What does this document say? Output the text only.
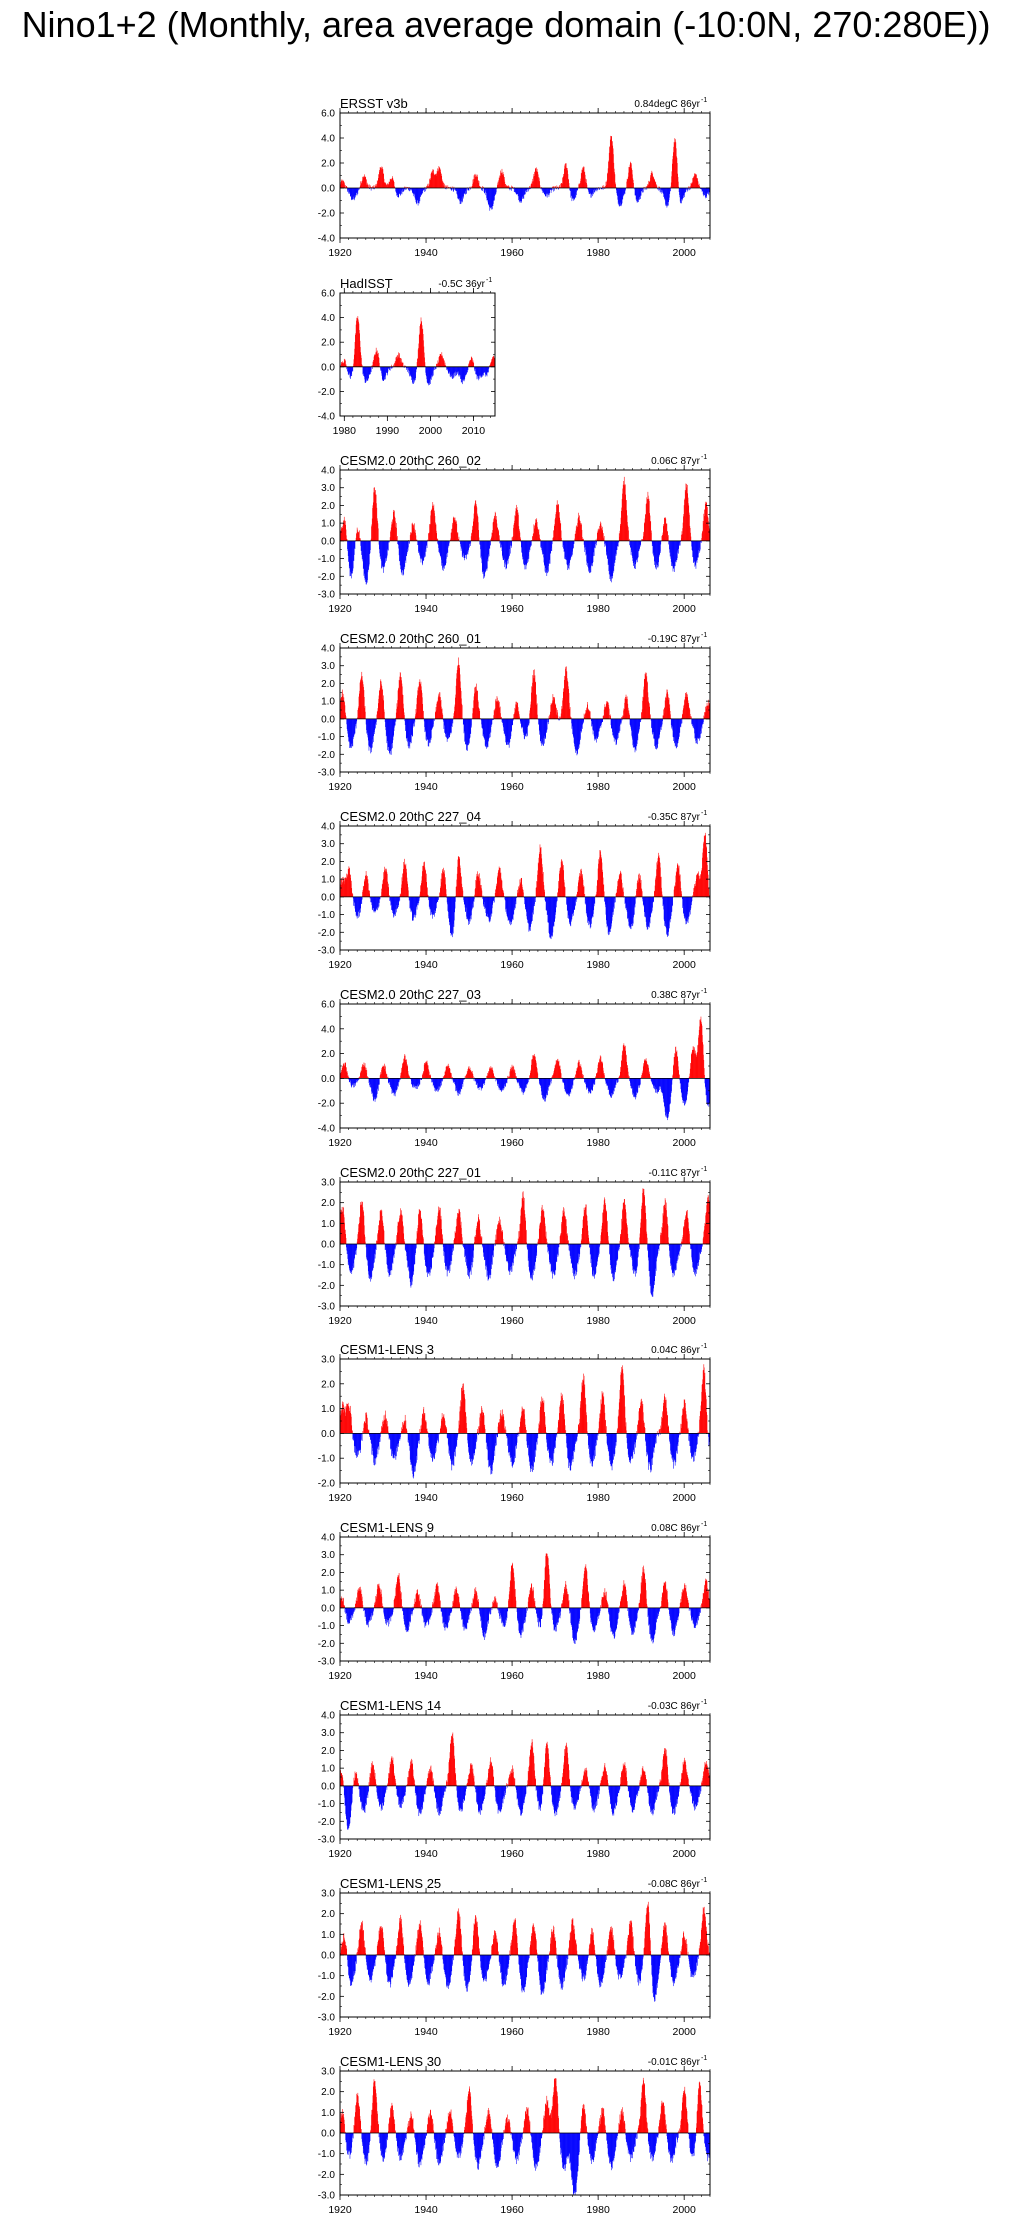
Nino1+2 (Monthly, area average domain (-10:0N, 270:280E))
-4.0
-2.0
0.0
2.0
4.0
6.0
1920	1940	1960	1980	2000
ERSST v3b	0.84degC 86yr -1
-4.0
-2.0
0.0
2.0
4.0
6.0
1980 1990 2000 2010
HadISST	-0.5C 36yr -1
-3.0
-2.0
-1.0
0.0
1.0
2.0
3.0
4.0
1920	1940	1960	1980	2000
CESM2.0 20thC 260_02	0.06C 87yr -1
-3.0
-2.0
-1.0
0.0
1.0
2.0
3.0
4.0
1920	1940	1960	1980	2000
CESM2.0 20thC 260_01	-0.19C 87yr -1
-3.0
-2.0
-1.0
0.0
1.0
2.0
3.0
4.0
1920	1940	1960	1980	2000
CESM2.0 20thC 227_04	-0.35C 87yr -1
-4.0
-2.0
0.0
2.0
4.0
6.0
1920	1940	1960	1980	2000
CESM2.0 20thC 227_03	0.38C 87yr -1
-3.0
-2.0
-1.0
0.0
1.0
2.0
3.0
1920	1940	1960	1980	2000
CESM2.0 20thC 227_01	-0.11C 87yr -1
-2.0
-1.0
0.0
1.0
2.0
3.0
1920	1940	1960	1980	2000
CESM1-LENS 3	0.04C 86yr -1
-3.0
-2.0
-1.0
0.0
1.0
2.0
3.0
4.0
1920	1940	1960	1980	2000
CESM1-LENS 9	0.08C 86yr -1
-3.0
-2.0
-1.0
0.0
1.0
2.0
3.0
4.0
1920	1940	1960	1980	2000
CESM1-LENS 14	-0.03C 86yr -1
-3.0
-2.0
-1.0
0.0
1.0
2.0
3.0
1920	1940	1960	1980	2000
CESM1-LENS 25	-0.08C 86yr -1
-3.0
-2.0
-1.0
0.0
1.0
2.0
3.0
1920	1940	1960	1980	2000
CESM1-LENS 30	-0.01C 86yr -1
